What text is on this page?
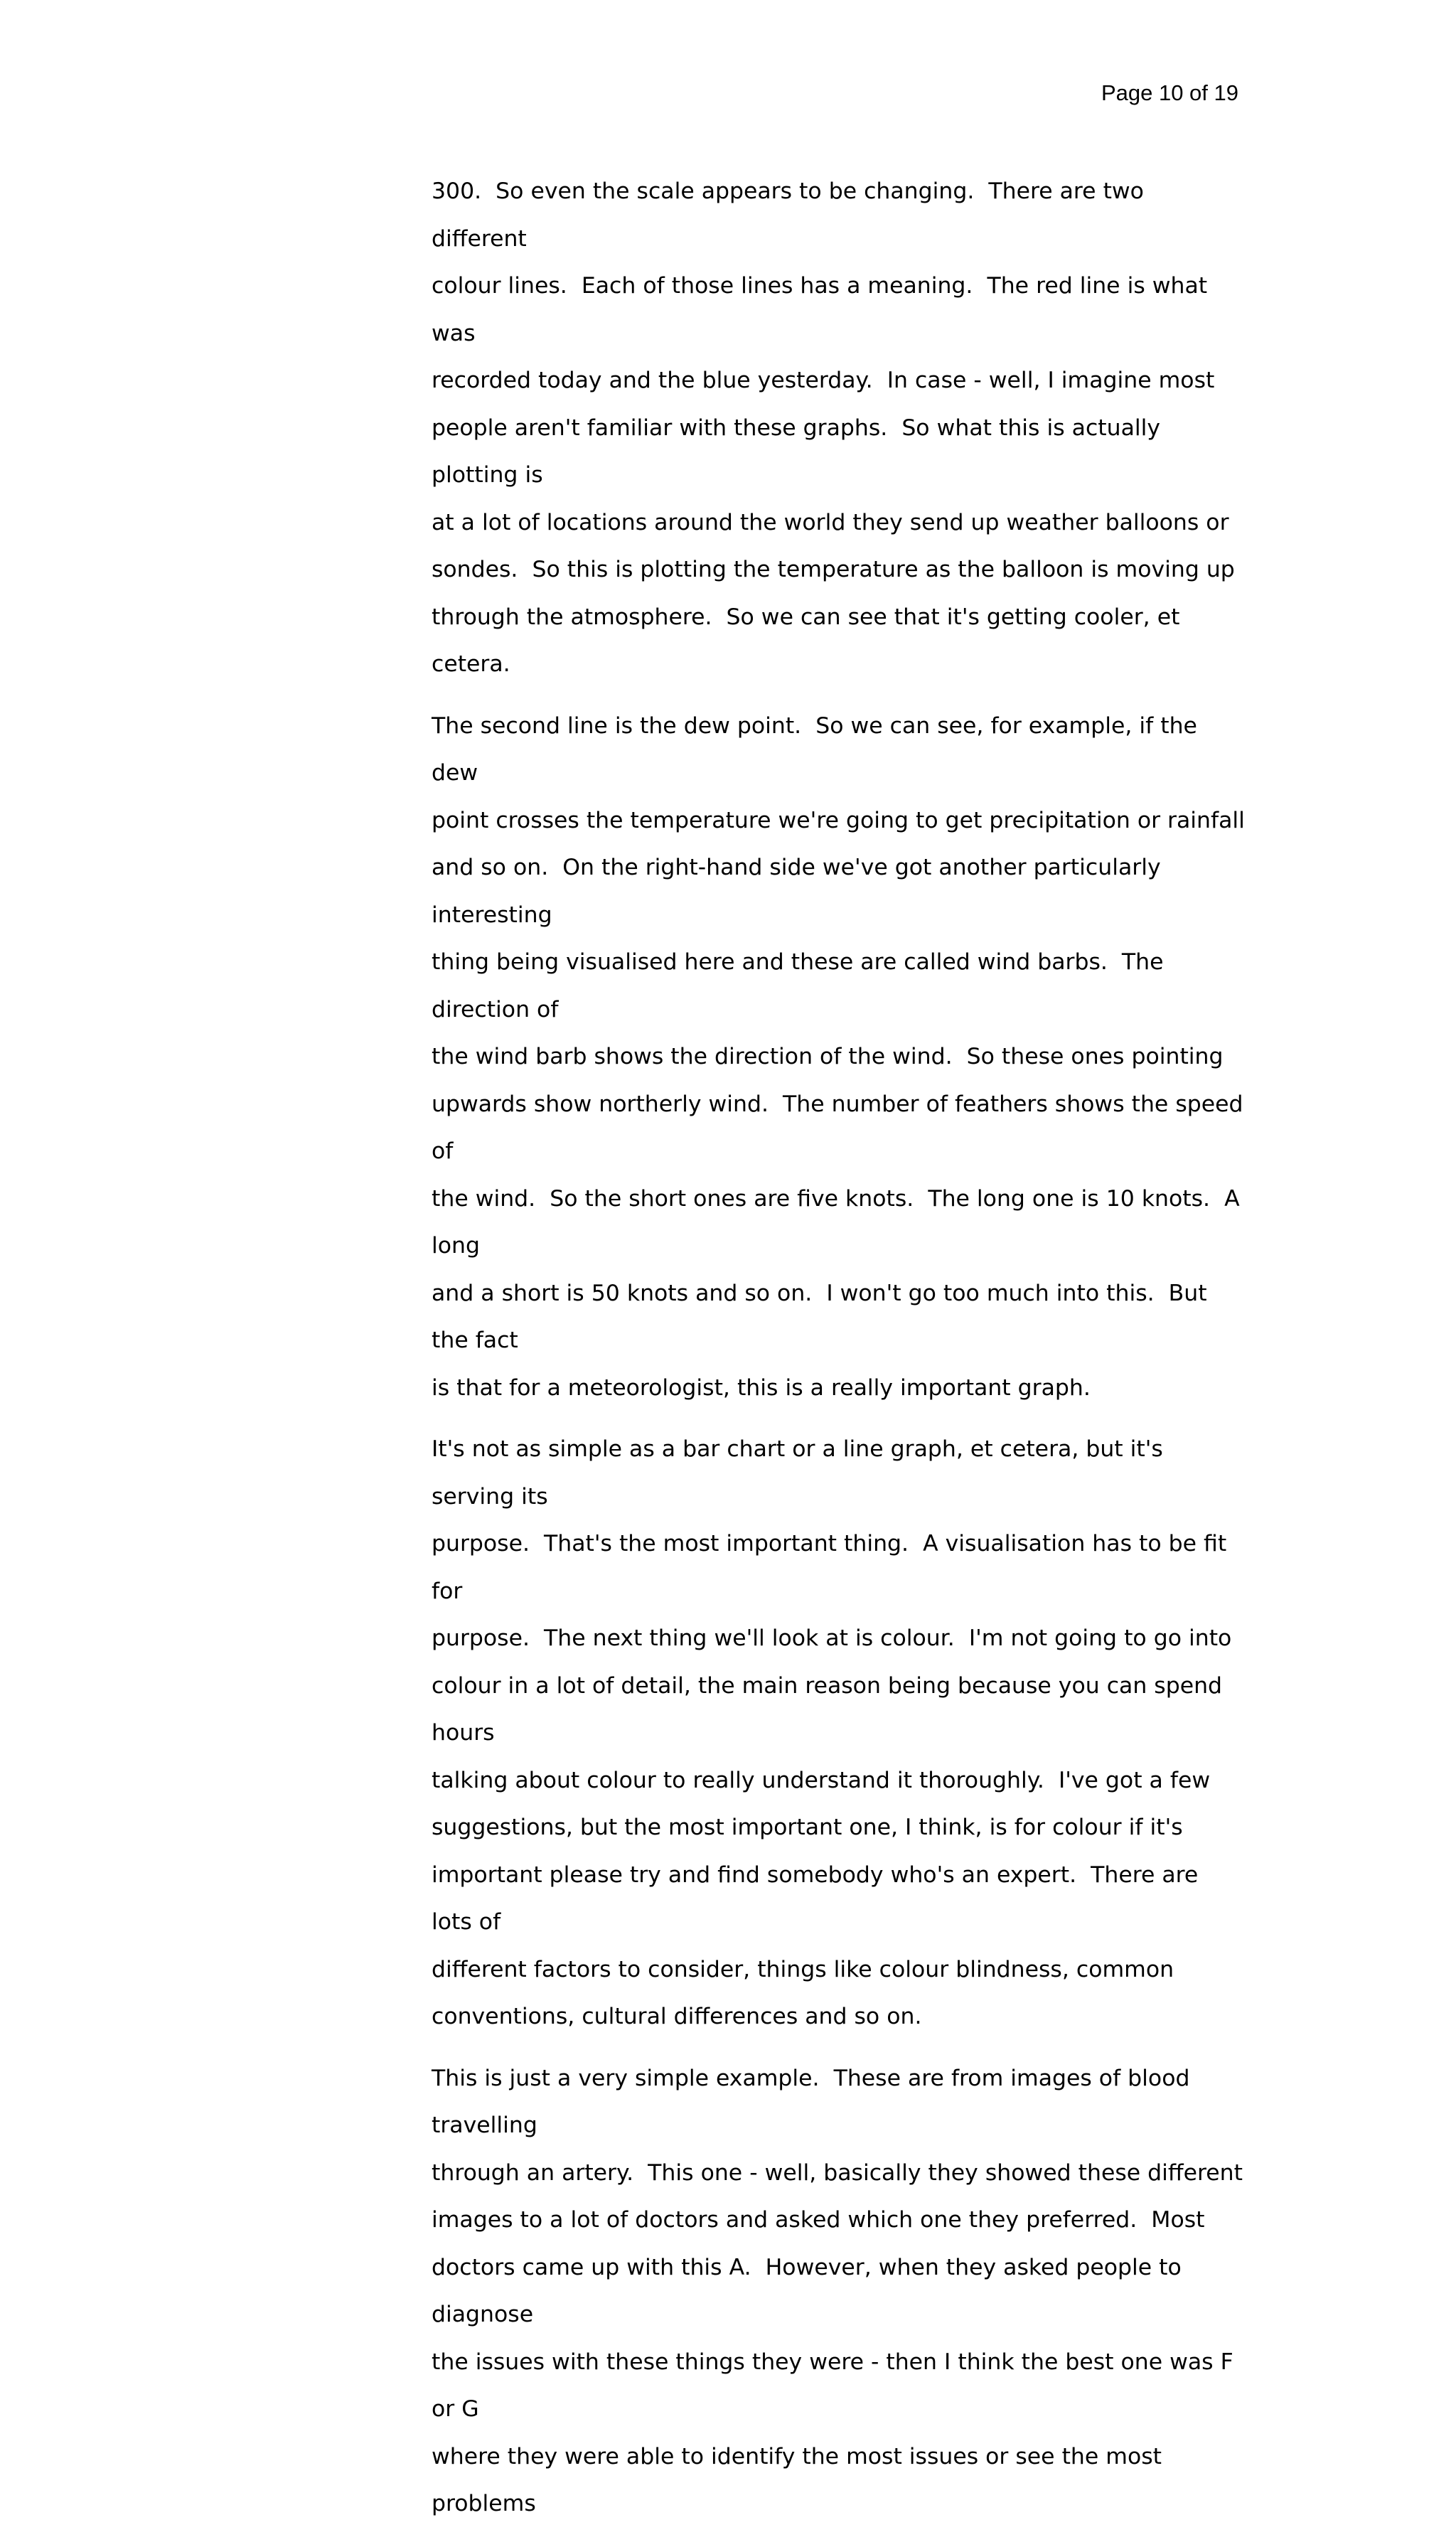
Page 10 of 19

300.  So even the scale appears to be changing.  There are two different
colour lines.  Each of those lines has a meaning.  The red line is what was
recorded today and the blue yesterday.  In case - well, I imagine most
people aren't familiar with these graphs.  So what this is actually plotting is
at a lot of locations around the world they send up weather balloons or
sondes.  So this is plotting the temperature as the balloon is moving up
through the atmosphere.  So we can see that it's getting cooler, et cetera.

The second line is the dew point.  So we can see, for example, if the dew
point crosses the temperature we're going to get precipitation or rainfall
and so on.  On the right-hand side we've got another particularly interesting
thing being visualised here and these are called wind barbs.  The direction of
the wind barb shows the direction of the wind.  So these ones pointing
upwards show northerly wind.  The number of feathers shows the speed of
the wind.  So the short ones are five knots.  The long one is 10 knots.  A long
and a short is 50 knots and so on.  I won't go too much into this.  But the fact
is that for a meteorologist, this is a really important graph.

It's not as simple as a bar chart or a line graph, et cetera, but it's serving its
purpose.  That's the most important thing.  A visualisation has to be fit for
purpose.  The next thing we'll look at is colour.  I'm not going to go into
colour in a lot of detail, the main reason being because you can spend hours
talking about colour to really understand it thoroughly.  I've got a few
suggestions, but the most important one, I think, is for colour if it's
important please try and find somebody who's an expert.  There are lots of
different factors to consider, things like colour blindness, common
conventions, cultural differences and so on.

This is just a very simple example.  These are from images of blood travelling
through an artery.  This one - well, basically they showed these different
images to a lot of doctors and asked which one they preferred.  Most
doctors came up with this A.  However, when they asked people to diagnose
the issues with these things they were - then I think the best one was F or G
where they were able to identify the most issues or see the most problems
